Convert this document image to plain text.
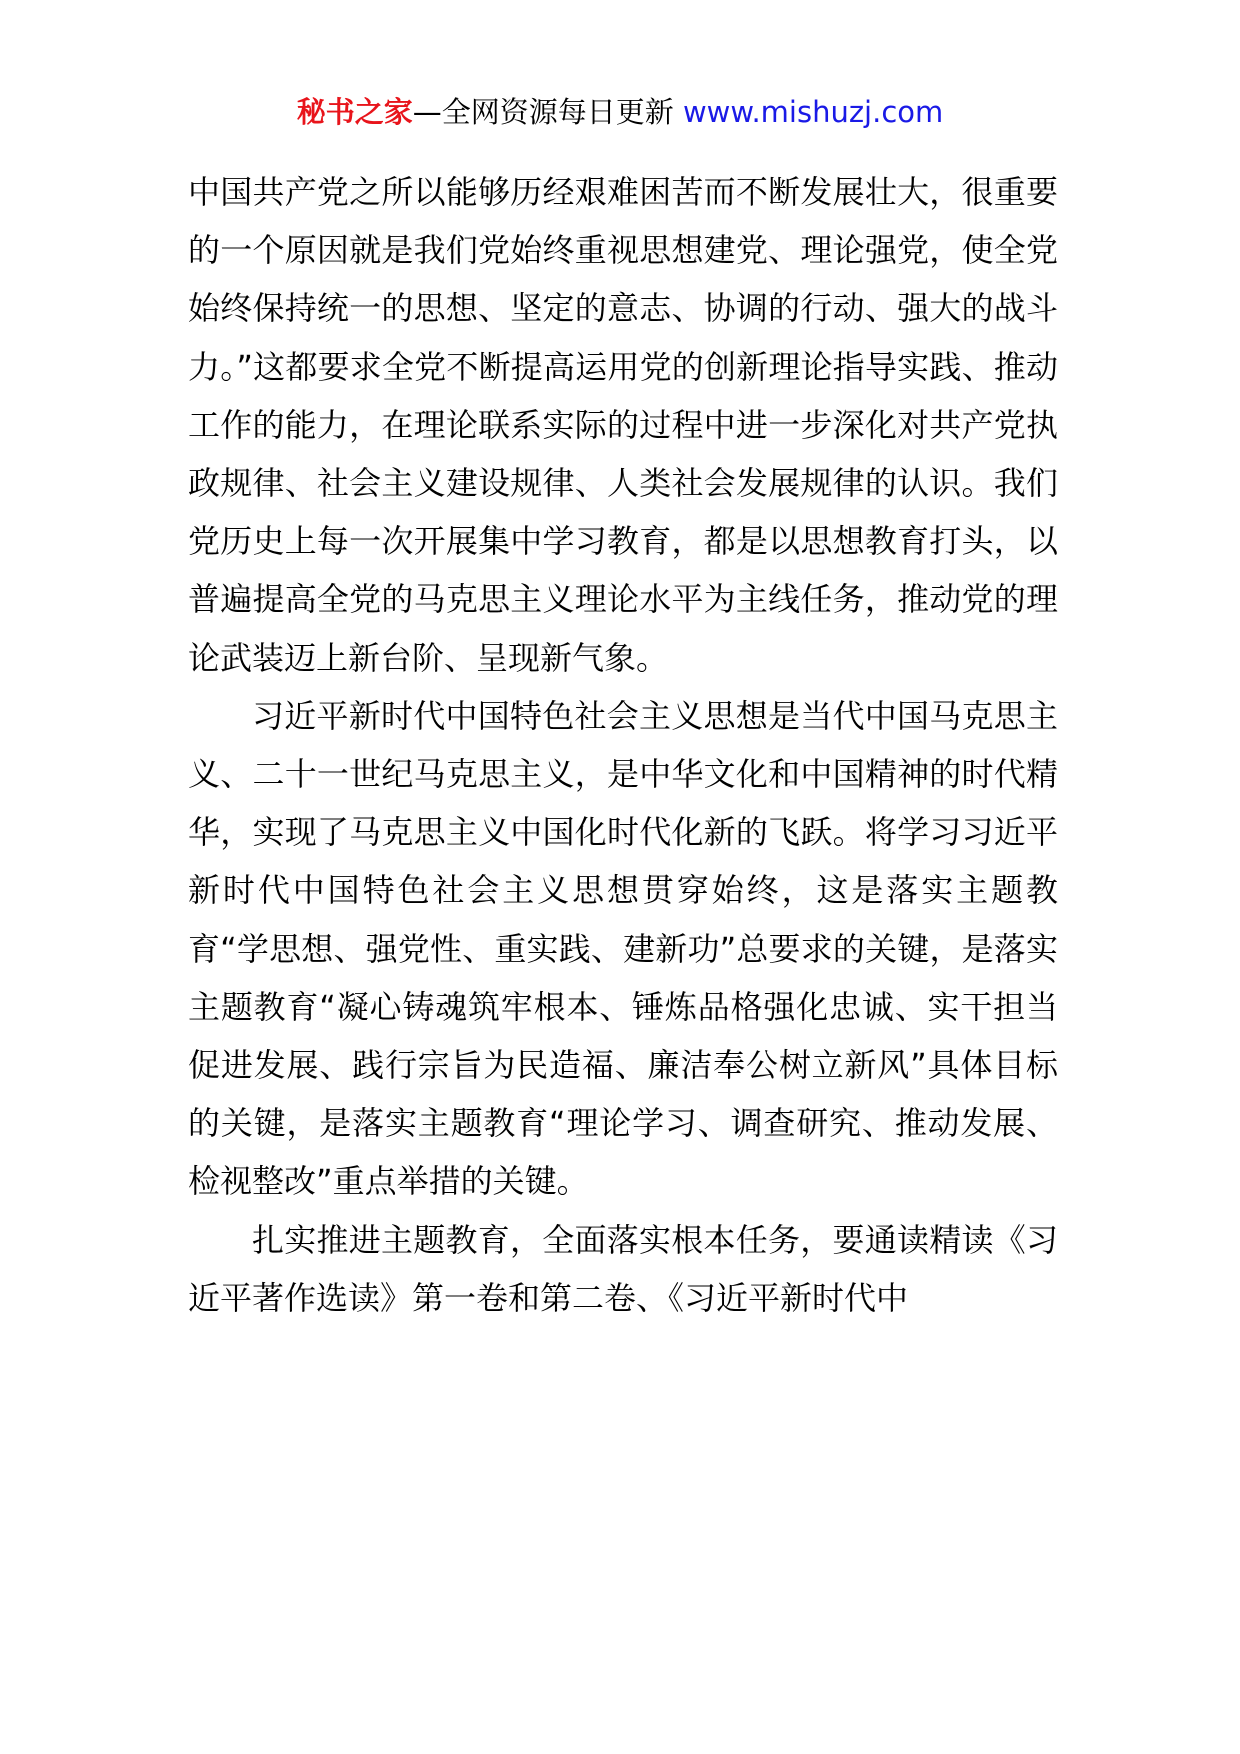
秘书之家—全网资源每日更新 www.mishuzj.com

中国共产党之所以能够历经艰难困苦而不断发展壮大，很重要的一个原因就是我们党始终重视思想建党、理论强党，使全党始终保持统一的思想、坚定的意志、协调的行动、强大的战斗力。”这都要求全党不断提高运用党的创新理论指导实践、推动工作的能力，在理论联系实际的过程中进一步深化对共产党执政规律、社会主义建设规律、人类社会发展规律的认识。我们党历史上每一次开展集中学习教育，都是以思想教育打头，以普遍提高全党的马克思主义理论水平为主线任务，推动党的理论武装迈上新台阶、呈现新气象。

习近平新时代中国特色社会主义思想是当代中国马克思主义、二十一世纪马克思主义，是中华文化和中国精神的时代精华，实现了马克思主义中国化时代化新的飞跃。将学习习近平新时代中国特色社会主义思想贯穿始终，这是落实主题教育“学思想、强党性、重实践、建新功”总要求的关键，是落实主题教育“凝心铸魂筑牢根本、锤炼品格强化忠诚、实干担当促进发展、践行宗旨为民造福、廉洁奉公树立新风”具体目标的关键，是落实主题教育“理论学习、调查研究、推动发展、检视整改”重点举措的关键。

扎实推进主题教育，全面落实根本任务，要通读精读《习近平著作选读》第一卷和第二卷、《习近平新时代中
